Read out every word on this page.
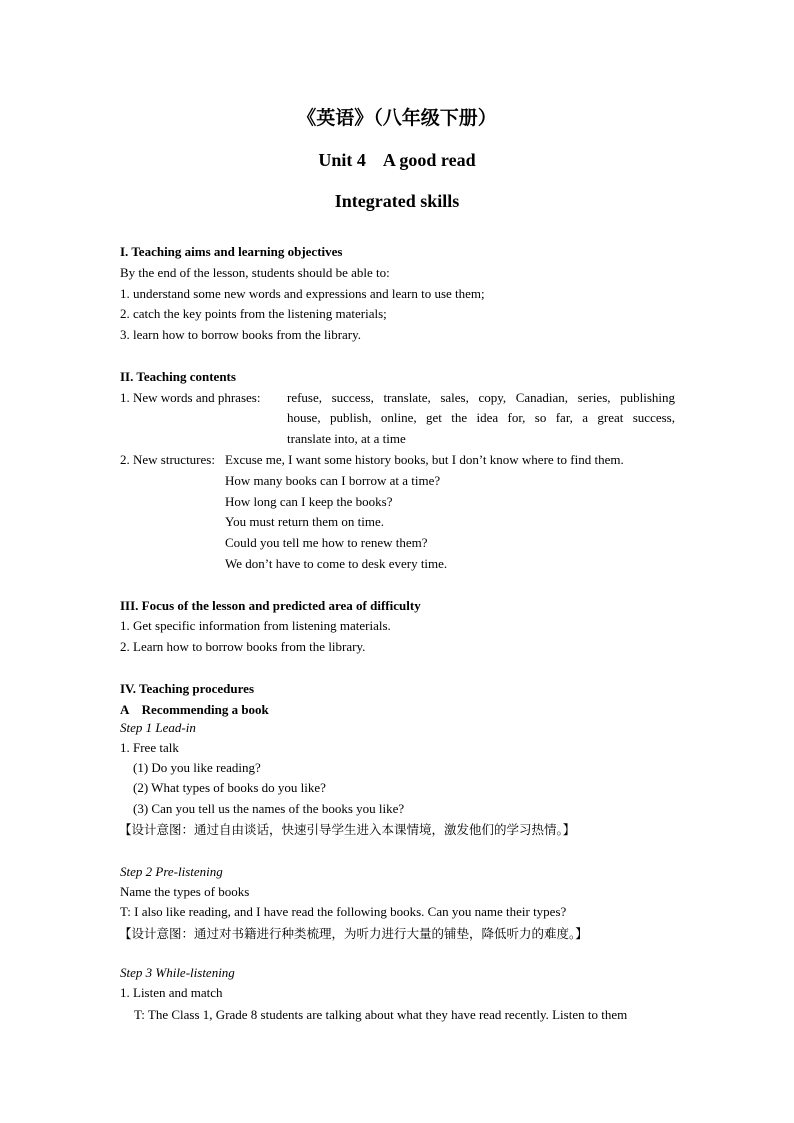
《英语》（八年级下册）
Unit 4    A good read
Integrated skills
I. Teaching aims and learning objectives
By the end of the lesson, students should be able to:
1. understand some new words and expressions and learn to use them;
2. catch the key points from the listening materials;
3. learn how to borrow books from the library.
II. Teaching contents
1. New words and phrases: refuse, success, translate, sales, copy, Canadian, series, publishing
house, publish, online, get the idea for, so far, a great success,
translate into, at a time
2. New structures: Excuse me, I want some history books, but I don’t know where to find them.
How many books can I borrow at a time?
How long can I keep the books?
You must return them on time.
Could you tell me how to renew them?
We don’t have to come to desk every time.
III. Focus of the lesson and predicted area of difficulty
1. Get specific information from listening materials.
2. Learn how to borrow books from the library.
IV. Teaching procedures
A    Recommending a book
Step 1 Lead-in
1. Free talk
(1) Do you like reading?
(2) What types of books do you like?
(3) Can you tell us the names of the books you like?
【设计意图：通过自由谈话，快速引导学生进入本课情境，激发他们的学习热情。】
Step 2 Pre-listening
Name the types of books
T: I also like reading, and I have read the following books. Can you name their types?
【设计意图：通过对书籍进行种类梳理，为听力进行大量的铺垫，降低听力的难度。】
Step 3 While-listening
1. Listen and match
T: The Class 1, Grade 8 students are talking about what they have read recently. Listen to them
